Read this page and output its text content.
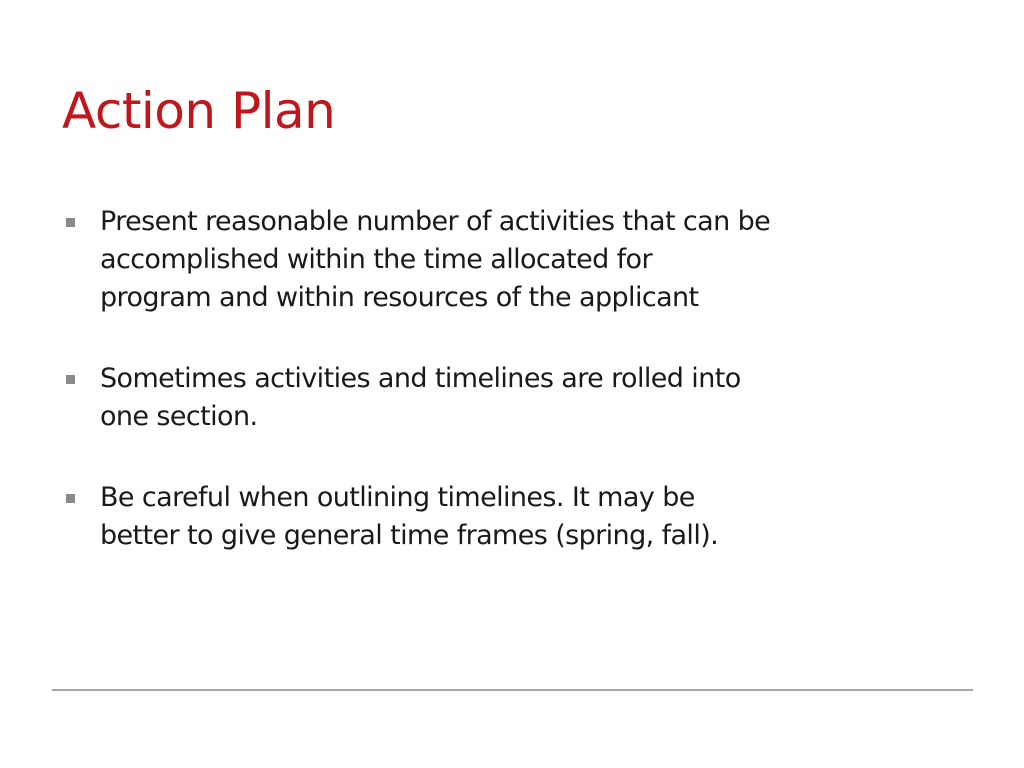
Action Plan
Present reasonable number of activities that can be
accomplished within the time allocated for
program and within resources of the applicant
Sometimes activities and timelines are rolled into
one section.
Be careful when outlining timelines. It may be
better to give general time frames (spring, fall).
